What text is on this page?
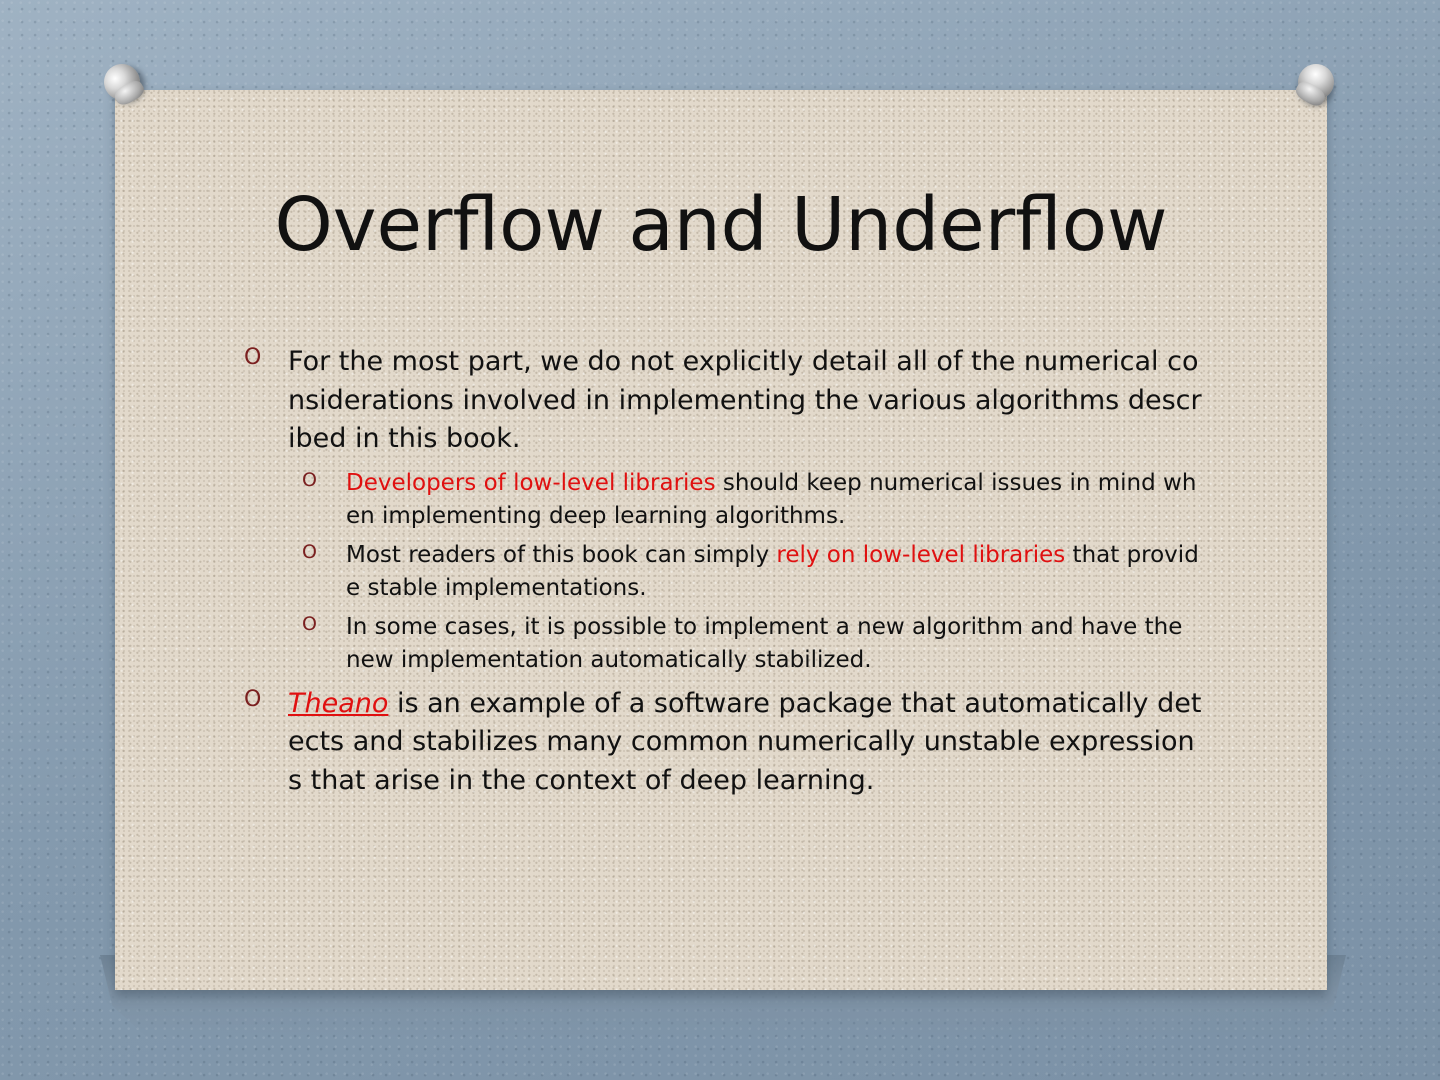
Overflow and Underflow
O For the most part, we do not explicitly detail all of the numerical considerations involved in implementing the various algorithms described in this book.
O	Developers of low-level libraries should keep numerical issues in mind when implementing deep learning algorithms.
O	Most readers of this book can simply rely on low-level libraries that provide stable implementations.
O	In some cases, it is possible to implement a new algorithm and have the new implementation automatically stabilized.
O Theano is an example of a software package that automatically detects and stabilizes many common numerically unstable expressions that arise in the context of deep learning.
